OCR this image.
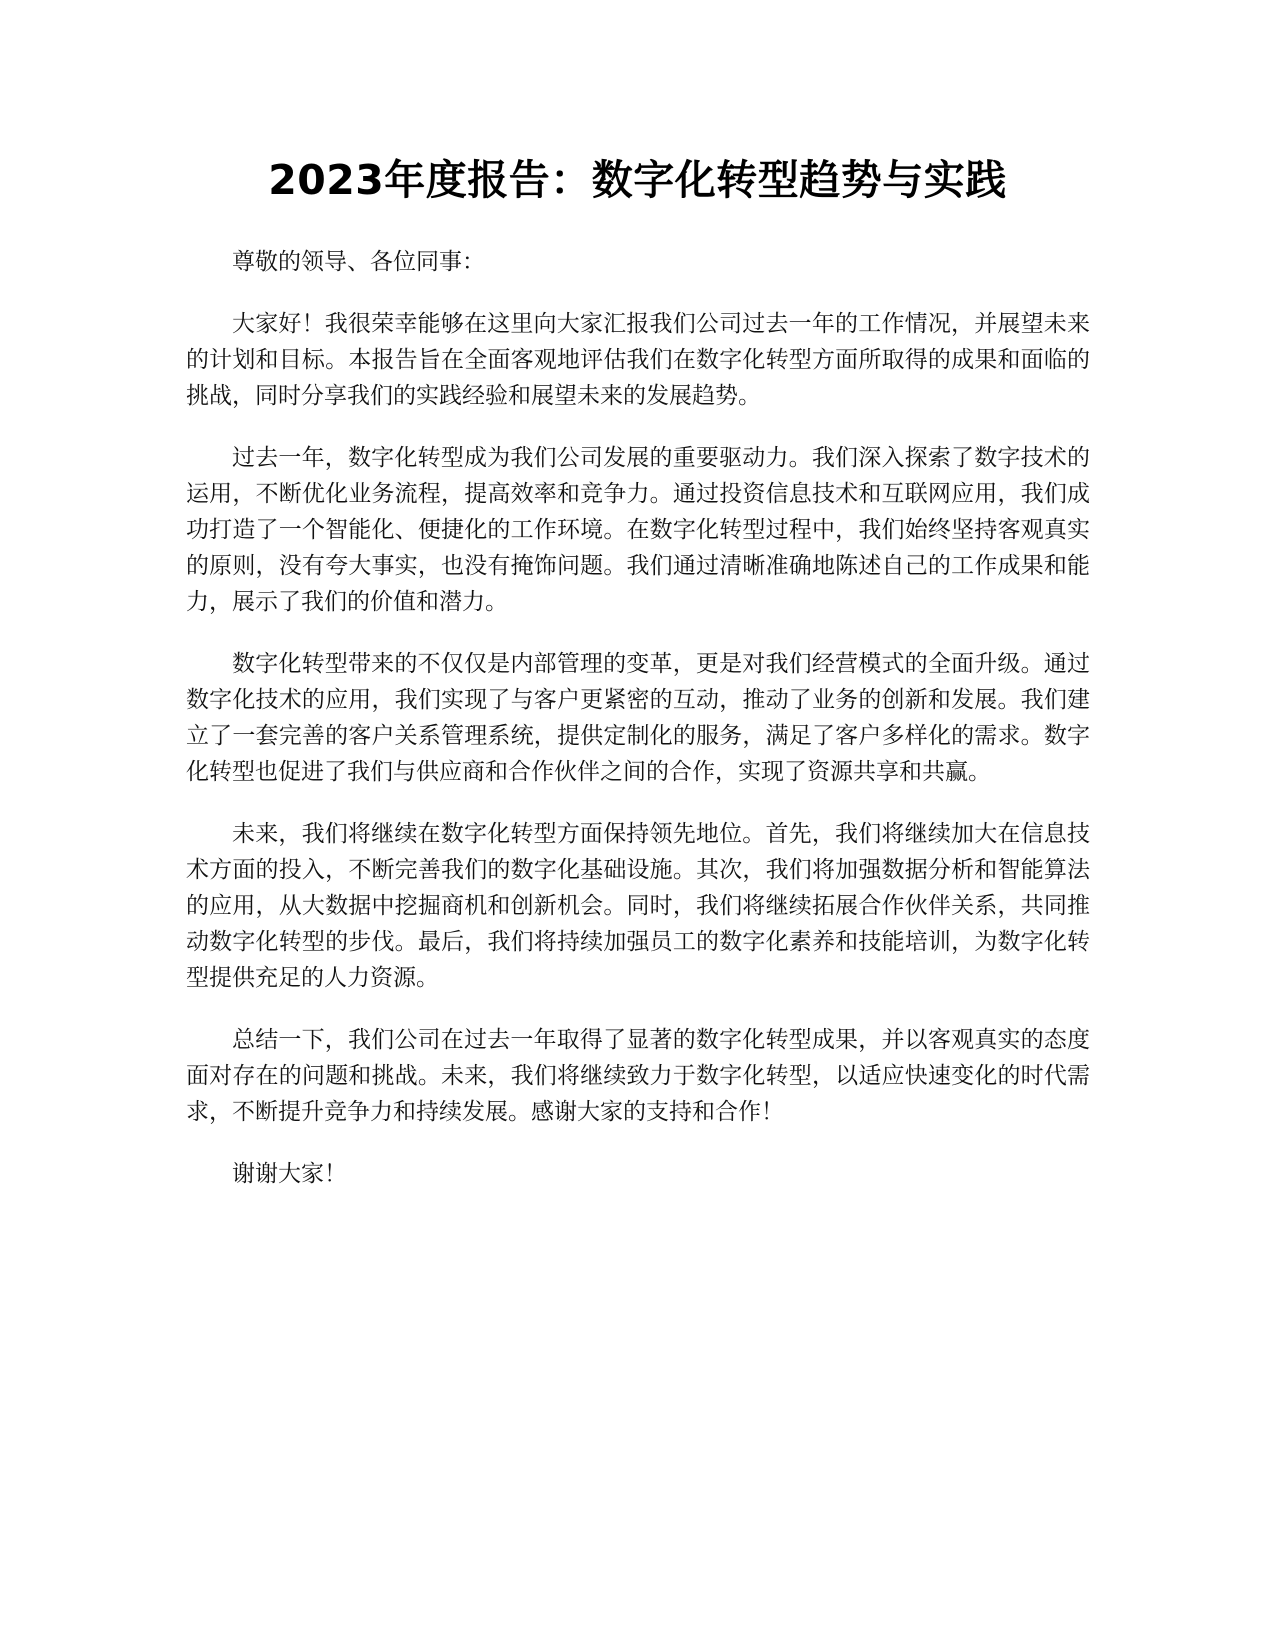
2023年度报告：数字化转型趋势与实践

尊敬的领导、各位同事：

大家好！我很荣幸能够在这里向大家汇报我们公司过去一年的工作情况，并展望未来的计划和目标。本报告旨在全面客观地评估我们在数字化转型方面所取得的成果和面临的挑战，同时分享我们的实践经验和展望未来的发展趋势。

过去一年，数字化转型成为我们公司发展的重要驱动力。我们深入探索了数字技术的运用，不断优化业务流程，提高效率和竞争力。通过投资信息技术和互联网应用，我们成功打造了一个智能化、便捷化的工作环境。在数字化转型过程中，我们始终坚持客观真实的原则，没有夸大事实，也没有掩饰问题。我们通过清晰准确地陈述自己的工作成果和能力，展示了我们的价值和潜力。

数字化转型带来的不仅仅是内部管理的变革，更是对我们经营模式的全面升级。通过数字化技术的应用，我们实现了与客户更紧密的互动，推动了业务的创新和发展。我们建立了一套完善的客户关系管理系统，提供定制化的服务，满足了客户多样化的需求。数字化转型也促进了我们与供应商和合作伙伴之间的合作，实现了资源共享和共赢。

未来，我们将继续在数字化转型方面保持领先地位。首先，我们将继续加大在信息技术方面的投入，不断完善我们的数字化基础设施。其次，我们将加强数据分析和智能算法的应用，从大数据中挖掘商机和创新机会。同时，我们将继续拓展合作伙伴关系，共同推动数字化转型的步伐。最后，我们将持续加强员工的数字化素养和技能培训，为数字化转型提供充足的人力资源。

总结一下，我们公司在过去一年取得了显著的数字化转型成果，并以客观真实的态度面对存在的问题和挑战。未来，我们将继续致力于数字化转型，以适应快速变化的时代需求，不断提升竞争力和持续发展。感谢大家的支持和合作！

谢谢大家！
